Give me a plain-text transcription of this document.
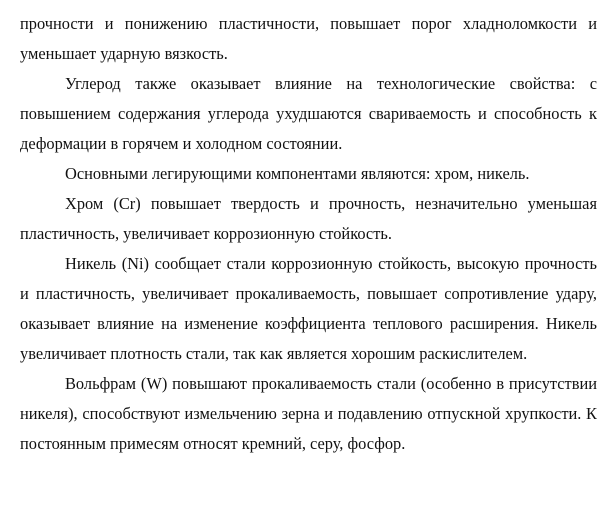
прочности и понижению пластичности, повышает порог хладноломкости и уменьшает ударную вязкость.

Углерод также оказывает влияние на технологические свойства: с повышением содержания углерода ухудшаются свариваемость и способность к деформации в горячем и холодном состоянии.

Основными легирующими компонентами являются: хром, никель.

Хром (Cr) повышает твердость и прочность, незначительно уменьшая пластичность, увеличивает коррозионную стойкость.

Никель (Ni) сообщает стали коррозионную стойкость, высокую прочность и пластичность, увеличивает прокаливаемость, повышает сопротивление удару, оказывает влияние на изменение коэффициента теплового расширения. Никель увеличивает плотность стали, так как является хорошим раскислителем.

Вольфрам (W) повышают прокаливаемость стали (особенно в присутствии никеля), способствуют измельчению зерна и подавлению отпускной хрупкости. К постоянным примесям относят кремний, серу, фосфор.
